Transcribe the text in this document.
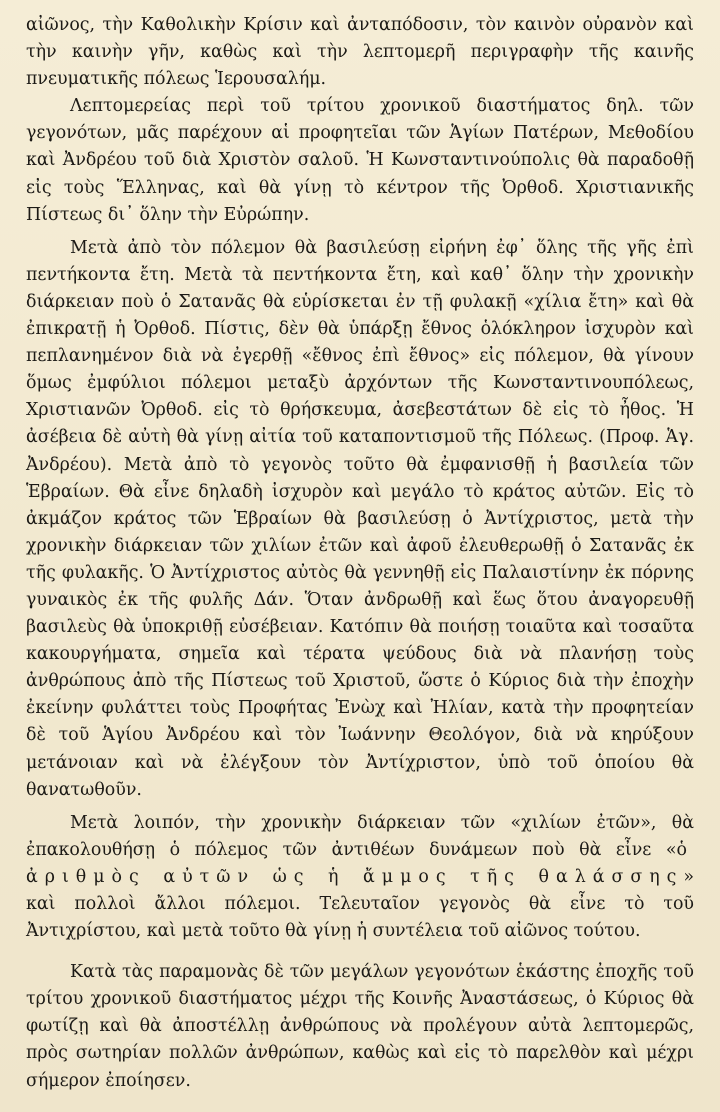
αἰῶνος, τὴν Καθολικὴν Κρίσιν καὶ ἀνταπόδοσιν, τὸν καινὸν οὐρανὸν καὶ τὴν καινὴν γῆν, καθὼς καὶ τὴν λεπτομερῆ περιγραφὴν τῆς καινῆς πνευματικῆς πόλεως Ἱερουσαλήμ.

Λεπτομερείας περὶ τοῦ τρίτου χρονικοῦ διαστήματος δηλ. τῶν γεγονότων, μᾶς παρέχουν αἱ προφητεῖαι τῶν Ἁγίων Πατέρων, Μεθοδίου καὶ Ἀνδρέου τοῦ διὰ Χριστὸν σαλοῦ. Ἡ Κωνσταντινούπολις θὰ παραδοθῇ εἰς τοὺς Ἕλληνας, καὶ θὰ γίνῃ τὸ κέντρον τῆς Ὀρθοδ. Χριστιανικῆς Πίστεως δι᾽ ὅλην τὴν Εὐρώπην.

Μετὰ ἀπὸ τὸν πόλεμον θὰ βασιλεύσῃ εἰρήνη ἐφ᾽ ὅλης τῆς γῆς ἐπὶ πεντήκοντα ἔτη. Μετὰ τὰ πεντήκοντα ἔτη, καὶ καθ᾽ ὅλην τὴν χρονικὴν διάρκειαν ποὺ ὁ Σατανᾶς θὰ εὑρίσκεται ἐν τῇ φυλακῇ «χίλια ἔτη» καὶ θὰ ἐπικρατῇ ἡ Ὀρθοδ. Πίστις, δὲν θὰ ὑπάρξῃ ἔθνος ὁλόκληρον ἰσχυρὸν καὶ πεπλανημένον διὰ νὰ ἐγερθῇ «ἔθνος ἐπὶ ἔθνος» εἰς πόλεμον, θὰ γίνουν ὅμως ἐμφύλιοι πόλεμοι μεταξὺ ἀρχόντων τῆς Κωνσταντινουπόλεως, Χριστιανῶν Ὀρθοδ. εἰς τὸ θρήσκευμα, ἀσεβεστάτων δὲ εἰς τὸ ἦθος. Ἡ ἀσέβεια δὲ αὐτὴ θὰ γίνῃ αἰτία τοῦ καταποντισμοῦ τῆς Πόλεως. (Προφ. Ἁγ. Ἀνδρέου). Μετὰ ἀπὸ τὸ γεγονὸς τοῦτο θὰ ἐμφανισθῇ ἡ βασιλεία τῶν Ἑβραίων. Θὰ εἶνε δηλαδὴ ἰσχυρὸν καὶ μεγάλο τὸ κράτος αὐτῶν. Εἰς τὸ ἀκμάζον κράτος τῶν Ἑβραίων θὰ βασιλεύσῃ ὁ Ἀντίχριστος, μετὰ τὴν χρονικὴν διάρκειαν τῶν χιλίων ἐτῶν καὶ ἀφοῦ ἐλευθερωθῇ ὁ Σατανᾶς ἐκ τῆς φυλακῆς. Ὁ Ἀντίχριστος αὐτὸς θὰ γεννηθῇ εἰς Παλαιστίνην ἐκ πόρνης γυναικὸς ἐκ τῆς φυλῆς Δάν. Ὅταν ἀνδρωθῇ καὶ ἕως ὅτου ἀναγορευθῇ βασιλεὺς θὰ ὑποκριθῇ εὐσέβειαν. Κατόπιν θὰ ποιήσῃ τοιαῦτα καὶ τοσαῦτα κακουργήματα, σημεῖα καὶ τέρατα ψεύδους διὰ νὰ πλανήσῃ τοὺς ἀνθρώπους ἀπὸ τῆς Πίστεως τοῦ Χριστοῦ, ὥστε ὁ Κύριος διὰ τὴν ἐποχὴν ἐκείνην φυλάττει τοὺς Προφήτας Ἐνὼχ καὶ Ἠλίαν, κατὰ τὴν προφητείαν δὲ τοῦ Ἁγίου Ἀνδρέου καὶ τὸν Ἰωάννην Θεολόγον, διὰ νὰ κηρύξουν μετάνοιαν καὶ νὰ ἐλέγξουν τὸν Ἀντίχριστον, ὑπὸ τοῦ ὁποίου θὰ θανατωθοῦν.

Μετὰ λοιπόν, τὴν χρονικὴν διάρκειαν τῶν «χιλίων ἐτῶν», θὰ ἐπακολουθήσῃ ὁ πόλεμος τῶν ἀντιθέων δυνάμεων ποὺ θὰ εἶνε «ὁ ἀριθμὸς αὐτῶν ὡς ἡ ἄμμος τῆς θαλάσσης» καὶ πολλοὶ ἄλλοι πόλεμοι. Τελευταῖον γεγονὸς θὰ εἶνε τὸ τοῦ Ἀντιχρίστου, καὶ μετὰ τοῦτο θὰ γίνῃ ἡ συντέλεια τοῦ αἰῶνος τούτου.

Κατὰ τὰς παραμονὰς δὲ τῶν μεγάλων γεγονότων ἑκάστης ἐποχῆς τοῦ τρίτου χρονικοῦ διαστήματος μέχρι τῆς Κοινῆς Ἀναστάσεως, ὁ Κύριος θὰ φωτίζῃ καὶ θὰ ἀποστέλλῃ ἀνθρώπους νὰ προλέγουν αὐτὰ λεπτομερῶς, πρὸς σωτηρίαν πολλῶν ἀνθρώπων, καθὼς καὶ εἰς τὸ παρελθὸν καὶ μέχρι σήμερον ἐποίησεν.
